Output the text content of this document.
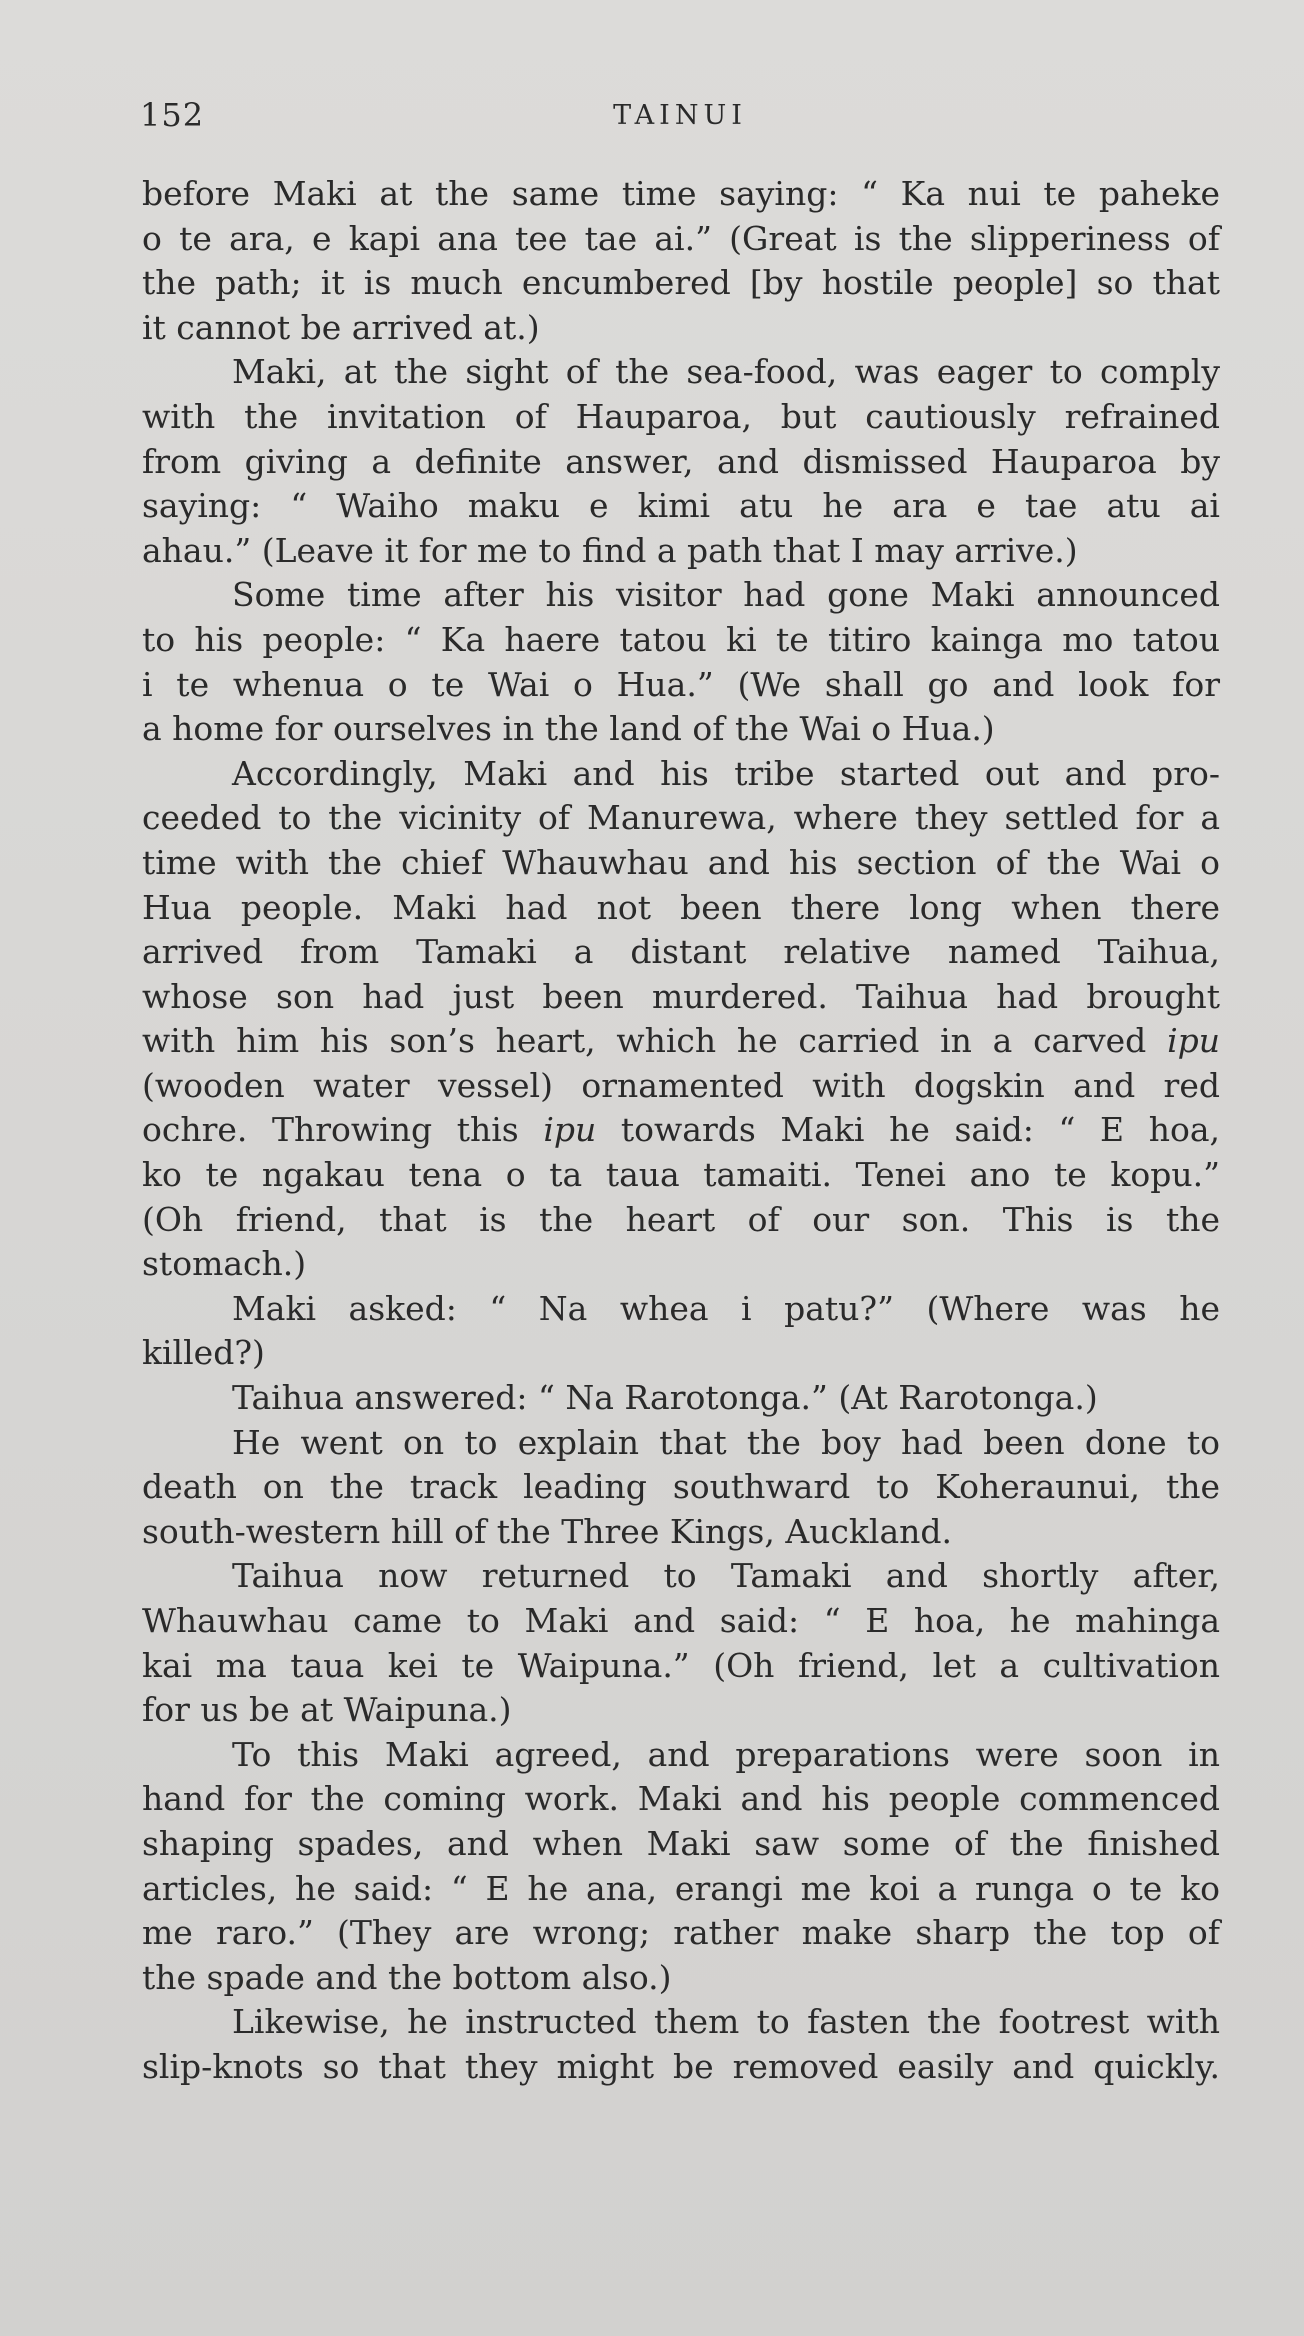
152	TAINUI
before Maki at the same time saying: “ Ka nui te paheke
o te ara, e kapi ana tee tae ai.” (Great is the slipperiness of
the path; it is much encumbered [by hostile people] so that
it cannot be arrived at.)
Maki, at the sight of the sea-food, was eager to comply
with the invitation of Hauparoa, but cautiously refrained
from giving a definite answer, and dismissed Hauparoa by
saying: “ Waiho maku e kimi atu he ara e tae atu ai
ahau.” (Leave it for me to find a path that I may arrive.)
Some time after his visitor had gone Maki announced
to his people: “ Ka haere tatou ki te titiro kainga mo tatou
i te whenua o te Wai o Hua.” (We shall go and look for
a home for ourselves in the land of the Wai o Hua.)
Accordingly, Maki and his tribe started out and pro-
ceeded to the vicinity of Manurewa, where they settled for a
time with the chief Whauwhau and his section of the Wai o
Hua people. Maki had not been there long when there
arrived from Tamaki a distant relative named Taihua,
whose son had just been murdered. Taihua had brought
with him his son’s heart, which he carried in a carved ipu
(wooden water vessel) ornamented with dogskin and red
ochre. Throwing this ipu towards Maki he said: “ E hoa,
ko te ngakau tena o ta taua tamaiti. Tenei ano te kopu.”
(Oh friend, that is the heart of our son. This is the
stomach.)
Maki asked: “ Na whea i patu?” (Where was he
killed?)
Taihua answered: “ Na Rarotonga.” (At Rarotonga.)
He went on to explain that the boy had been done to
death on the track leading southward to Koheraunui, the
south-western hill of the Three Kings, Auckland.
Taihua now returned to Tamaki and shortly after,
Whauwhau came to Maki and said: “ E hoa, he mahinga
kai ma taua kei te Waipuna.” (Oh friend, let a cultivation
for us be at Waipuna.)
To this Maki agreed, and preparations were soon in
hand for the coming work. Maki and his people commenced
shaping spades, and when Maki saw some of the finished
articles, he said: “ E he ana, erangi me koi a runga o te ko
me raro.” (They are wrong; rather make sharp the top of
the spade and the bottom also.)
Likewise, he instructed them to fasten the footrest with
slip-knots so that they might be removed easily and quickly.
